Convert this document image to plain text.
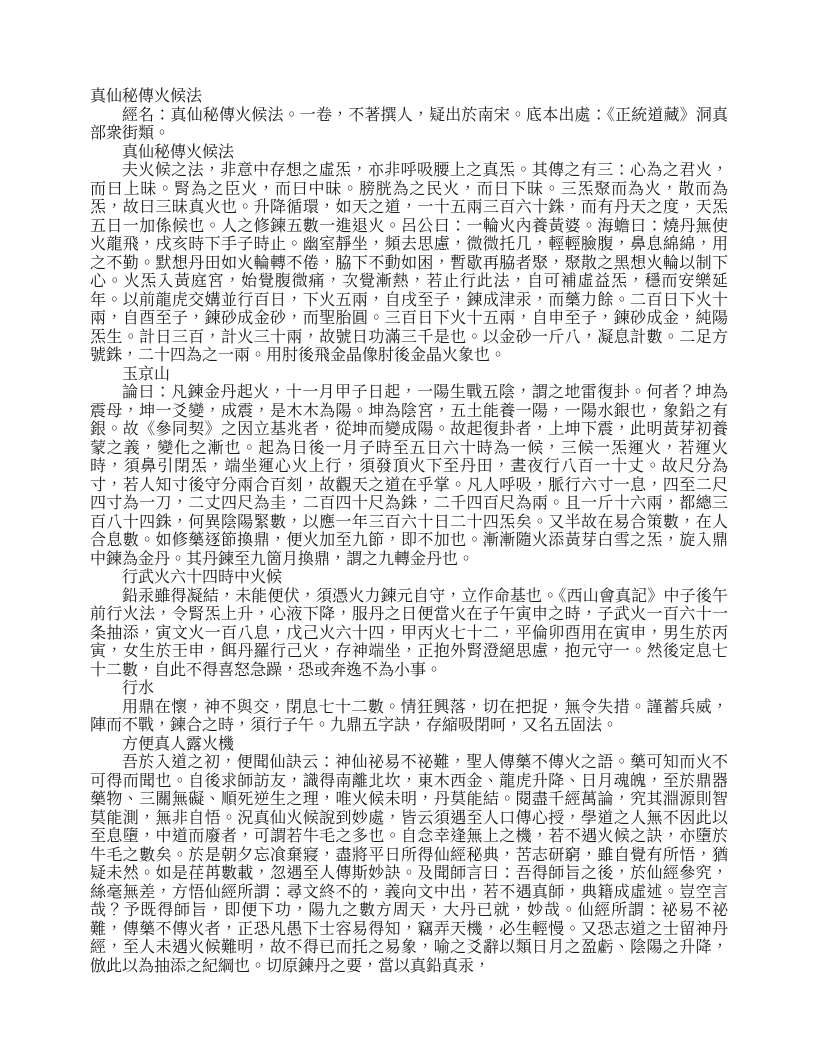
真仙秘傳火候法

經名：真仙秘傳火候法。一卷，不著撰人，疑出於南宋。底本出處：《正統道藏》洞真部衆街類。

真仙秘傳火候法

夫火候之法，非意中存想之虛炁，亦非呼吸腰上之真炁。其傳之有三：心為之君火，而曰上昧。腎為之臣火，而曰中昧。膀胱為之民火，而日下昧。三炁聚而為火，散而為炁，故曰三昧真火也。升降循環，如天之道，一十五兩三百六十銖，而有丹天之度，天炁五日一加係候也。人之修鍊五數一進退火。呂公曰：一輪火內養黃婆。海蟾曰：燒丹無使火龍飛，戌亥時下手子時止。幽室靜坐，頻去思慮，微微托几，輕輕臉腹，鼻息綿綿，用之不勤。默想丹田如火輪轉不倦，脇下不動如困，暫歇再脇者聚，聚散之黑想火輪以制下心。火炁入黃庭宮，始覺腹微痛，次覺漸熱，若止行此法，自可補虛益炁，穩而安樂延年。以前龍虎交媾並行百日，下火五兩，自戌至子，鍊成津汞，而藥力餘。二百日下火十兩，自酉至子，鍊砂成金砂，而聖胎圓。三百日下火十五兩，自申至子，鍊砂成金，純陽炁生。計日三百，計火三十兩，故號日功滿三千是也。以金砂一斤八，凝息計數。二足方號銖，二十四為之一兩。用肘後飛金晶像肘後金晶火象也。

玉京山

論曰：凡鍊金丹起火，十一月甲子日起，一陽生戰五陰，謂之地雷復卦。何者？坤為震母，坤一爻變，成震，是木木為陽。坤為陰宮，五土能養一陽，一陽水銀也，象鉛之有銀。故《參同契》之因立基兆者，從坤而變成陽。故起復卦者，上坤下震，此明黃芽初養蒙之義，變化之漸也。起為日後一月子時至五日六十時為一候，三候一炁運火，若運火時，須鼻引閉炁，端坐運心火上行，須發頂火下至丹田，晝夜行八百一十丈。故尺分為寸，若人知寸後守分兩合百刻，故觀天之道在乎掌。凡人呼吸，脈行六寸一息，四至二尺四寸為一刀，二丈四尺為圭，二百四十尺為銖，二千四百尺為兩。且一斤十六兩，都總三百八十四銖，何異陰陽緊數，以應一年三百六十日二十四炁矣。又半故在易合策數，在人合息數。如修藥逐節換鼎，便火加至九節，即不加也。漸漸隨火添黃芽白雪之炁，旋入鼎中鍊為金丹。其丹鍊至九箇月換鼎，謂之九轉金丹也。

行武火六十四時中火候

鉛汞雖得凝結，未能便伏，須憑火力鍊元自守，立作命基也。《西山會真記》中子後午前行火法，令腎炁上升，心液下降，服丹之日便當火在子午寅申之時，子武火一百六十一条抽添，寅文火一百八息，戊己火六十四，甲丙火七十二，平倫卯酉用在寅申，男生於丙寅，女生於壬申，餌丹羅行己火，存神端坐，正抱外腎澄絕思慮，抱元守一。然後定息七十二數，自此不得喜怒急躁，恐或奔逸不為小事。

行水

用鼎在懷，神不與交，閉息七十二數。情狂興落，切在把捉，無令失措。謹蓄兵威，陣而不戰，鍊合之時，須行子午。九鼎五字訣，存縮吸閉呵，又名五固法。

方便真人露火機

吾於入道之初，便聞仙訣云：神仙祕易不祕難，聖人傳藥不傳火之語。藥可知而火不可得而聞也。自後求師訪友，識得南離北坎，東木西金、龍虎升降、日月魂魄，至於鼎器藥物、三關無礙、順死逆生之理，唯火候未明，丹莫能結。閱盡千經萬論，究其淵源則智莫能測，無非自悟。況真仙火候說到妙處，皆云須遇至人口傳心授，學道之人無不因此以至息墮，中道而廢者，可謂若牛毛之多也。自念幸逢無上之機，若不遇火候之訣，亦墮於牛毛之數矣。於是朝夕忘飡棄寢，盡將平日所得仙經秘典，苦志研窮，雖自覺有所悟，猶疑未然。如是荏苒數載，忽遇至人傳斯妙訣。及聞師言曰：吾得師旨之後，於仙經參究，絲毫無差，方悟仙經所謂：尋文終不的，義向文中出，若不遇真師，典籍成虛述。豈空言哉？予既得師旨，即便下功，陽九之數方周天，大丹已就，妙哉。仙經所謂：祕易不祕難，傳藥不傳火者，正恐凡愚下士容易得知，竊弄天機，必生輕慢。又恐志道之士留神丹經，至人未遇火候難明，故不得已而托之易象，喻之爻辭以類日月之盈虧、陰陽之升降，倣此以為抽添之紀綱也。切原鍊丹之要，當以真鉛真汞，
